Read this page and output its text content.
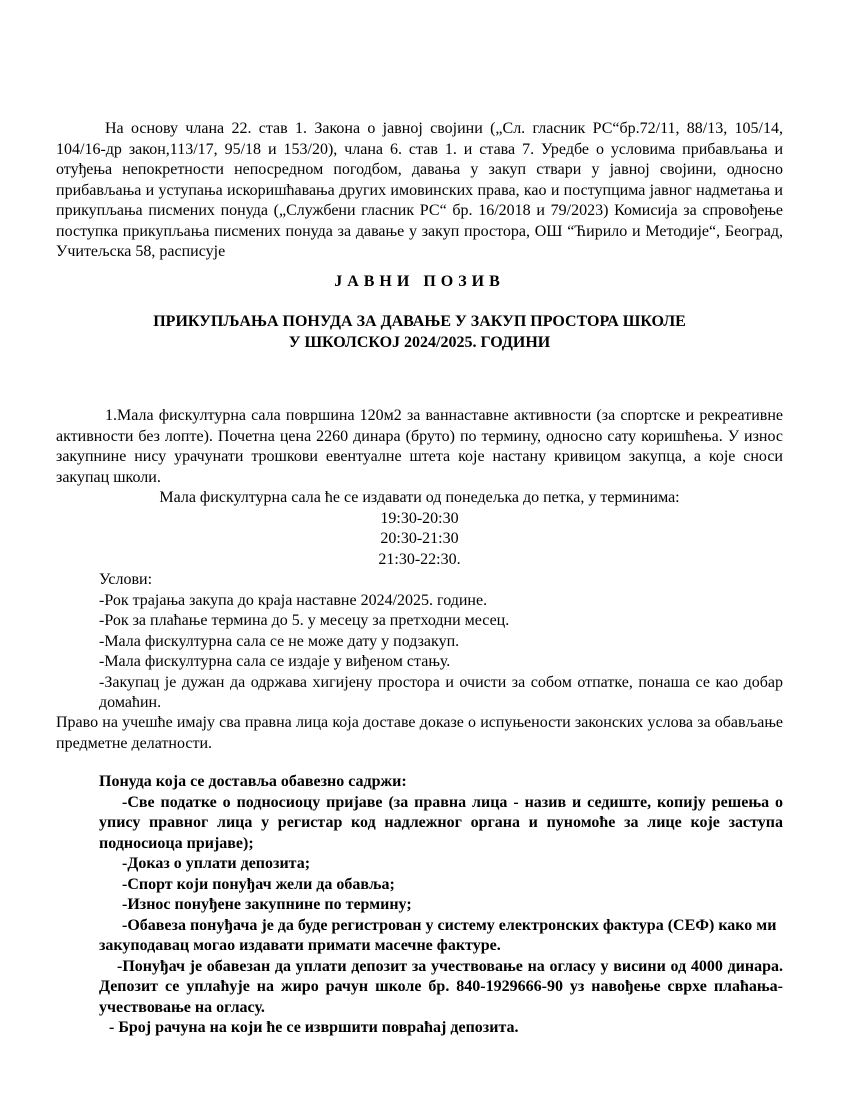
На основу члана 22. став 1. Закона о јавној својини („Сл. гласник РС“бр.72/11, 88/13, 105/14, 104/16-др закон,113/17, 95/18 и 153/20), члана 6. став 1. и става 7. Уредбе о условима прибављања и отуђења непокретности непосредном погодбом, давања у закуп ствари у јавној својини, односно прибављања и уступања искоришћавања других имовинских права, као и поступцима јавног надметања и прикупљања писмених понуда („Службени гласник РС“ бр. 16/2018 и 79/2023) Комисија за спровођење поступка прикупљања писмених понуда за давање у закуп простора, ОШ “Ћирило и Методије“, Београд, Учитељска 58, расписује

ЈАВНИ ПОЗИВ

ПРИКУПЉАЊА ПОНУДА ЗА ДАВАЊЕ У ЗАКУП ПРОСТОРА ШКОЛЕ

У ШКОЛСКОЈ 2024/2025. ГОДИНИ

1.Мала фискултурна сала површина 120м2 за ваннаставне активности (за спортске и рекреативне активности без лопте). Почетна цена 2260 динара (бруто) по термину, односно сату коришћења. У износ закупнине нису урачунати трошкови евентуалне штета које настану кривицом закупца, а које сноси закупац школи.

Мала фискултурна сала ће се издавати од понедељка до петка, у терминима:

19:30-20:30

20:30-21:30

21:30-22:30.

Услови:

-Рок трајања закупа до краја наставне 2024/2025. године.

-Рок за плаћање термина до 5. у месецу за претходни месец.

-Мала фискултурна сала се не може дату у подзакуп.

-Мала фискултурна сала се издаје у виђеном стању.

-Закупац је дужан да одржава хигијену простора и очисти за собом отпатке, понаша се као добар домаћин.

Право на учешће имају сва правна лица која доставе доказе о испуњености законских услова за обављање предметне делатности.

Понуда која се доставља обавезно садржи:

-Све податке о подносиоцу пријаве (за правна лица - назив и седиште, копију решења о упису правног лица у регистар код надлежног органа и пуномоће за лице које заступа подносиоца пријаве);

-Доказ о уплати депозита;

-Спорт који понуђач жели да обавља;

-Износ понуђене закупнине по термину;

-Обавеза понуђача је да буде регистрован у систему електронских фактура (СЕФ) како ми закуподавац могао издавати примати масечне фактуре.

-Понуђач је обавезан да уплати депозит за учествовање на огласу у висини од 4000 динара. Депозит се уплаћује на жиро рачун школе бр. 840-1929666-90 уз навођење сврхе плаћања- учествовање на огласу.

- Број рачуна на који ће се извршити повраћај депозита.
